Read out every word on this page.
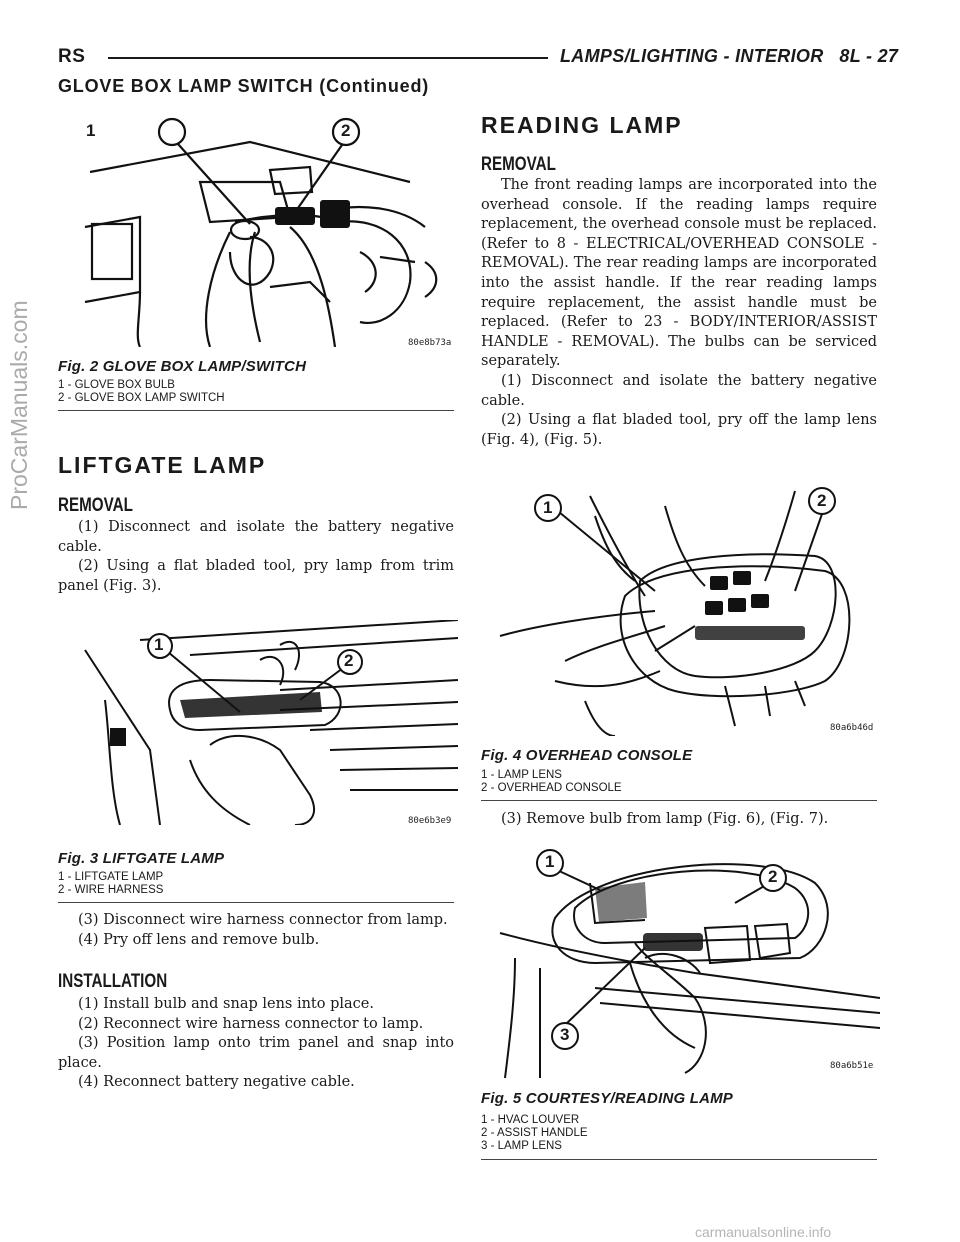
RS	LAMPS/LIGHTING - INTERIOR 8L - 27
GLOVE BOX LAMP SWITCH (Continued)
ProCarManuals.com
1	2
80e8b73a
Fig. 2 GLOVE BOX LAMP/SWITCH
1 - GLOVE BOX BULB
2 - GLOVE BOX LAMP SWITCH
LIFTGATE LAMP
REMOVAL

(1) Disconnect and isolate the battery negative cable.

(2) Using a flat bladed tool, pry lamp from trim panel (Fig. 3).

1
2
80e6b3e9
Fig. 3 LIFTGATE LAMP
1 - LIFTGATE LAMP
2 - WIRE HARNESS

(3) Disconnect wire harness connector from lamp.

(4) Pry off lens and remove bulb.

INSTALLATION

(1) Install bulb and snap lens into place.

(2) Reconnect wire harness connector to lamp.

(3) Position lamp onto trim panel and snap into place.

(4) Reconnect battery negative cable.

READING LAMP
REMOVAL

The front reading lamps are incorporated into the overhead console. If the reading lamps require replacement, the overhead console must be replaced. (Refer to 8 - ELECTRICAL/OVERHEAD CONSOLE - REMOVAL). The rear reading lamps are incorporated into the assist handle. If the rear reading lamps require replacement, the assist handle must be replaced. (Refer to 23 - BODY/INTERIOR/ASSIST HANDLE - REMOVAL). The bulbs can be serviced separately.

(1) Disconnect and isolate the battery negative cable.

(2) Using a flat bladed tool, pry off the lamp lens (Fig. 4), (Fig. 5).

1	2
80a6b46d
Fig. 4 OVERHEAD CONSOLE
1 - LAMP LENS
2 - OVERHEAD CONSOLE

(3) Remove bulb from lamp (Fig. 6), (Fig. 7).

1
2
3
80a6b51e
Fig. 5 COURTESY/READING LAMP
1 - HVAC LOUVER
2 - ASSIST HANDLE
3 - LAMP LENS
carmanualsonline.info
